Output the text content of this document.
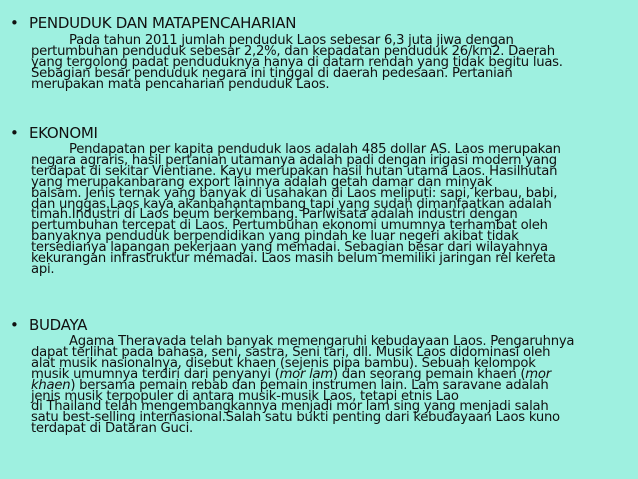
• PENDUDUK DAN MATAPENCAHARIAN
Pada tahun 2011 jumlah penduduk Laos sebesar 6,3 juta jiwa dengan
pertumbuhan penduduk sebesar 2,2%, dan kepadatan penduduk 26/km2. Daerah
yang tergolong padat penduduknya hanya di datarn rendah yang tidak begitu luas.
Sebagian besar penduduk negara ini tinggal di daerah pedesaan. Pertanian
merupakan mata pencaharian penduduk Laos.
• EKONOMI
Pendapatan per kapita penduduk laos adalah 485 dollar AS. Laos merupakan
negara agraris, hasil pertanian utamanya adalah padi dengan irigasi modern yang
terdapat di sekitar Vientiane. Kayu merupakan hasil hutan utama Laos. Hasilhutan
yang merupakanbarang export lainnya adalah getah damar dan minyak
balsam. Jenis ternak yang banyak di usahakan di Laos meliputi: sapi, kerbau, babi,
dan unggas.Laos kaya akanbahantambang tapi yang sudah dimanfaatkan adalah
timah.Industri di Laos beum berkembang. Pariwisata adalah industri dengan
pertumbuhan tercepat di Laos. Pertumbuhan ekonomi umumnya terhambat oleh
banyaknya penduduk berpendidikan yang pindah ke luar negeri akibat tidak
tersedianya lapangan pekerjaan yang memadai. Sebagian besar dari wilayahnya
kekurangan infrastruktur memadai. Laos masih belum memiliki jaringan rel kereta
api.
• BUDAYA
Agama Theravada telah banyak memengaruhi kebudayaan Laos. Pengaruhnya
dapat terlihat pada bahasa, seni, sastra, Seni tari, dll. Musik Laos didominasi oleh
alat musik nasionalnya, disebut khaen (sejenis pipa bambu). Sebuah kelompok
musik umumnya terdiri dari penyanyi (mor lam) dan seorang pemain khaen (mor
khaen) bersama pemain rebab dan pemain instrumen lain. Lam saravane adalah
jenis musik terpopuler di antara musik-musik Laos, tetapi etnis Lao
di Thailand telah mengembangkannya menjadi mor lam sing yang menjadi salah
satu best-selling internasional.Salah satu bukti penting dari kebudayaan Laos kuno
terdapat di Dataran Guci.
